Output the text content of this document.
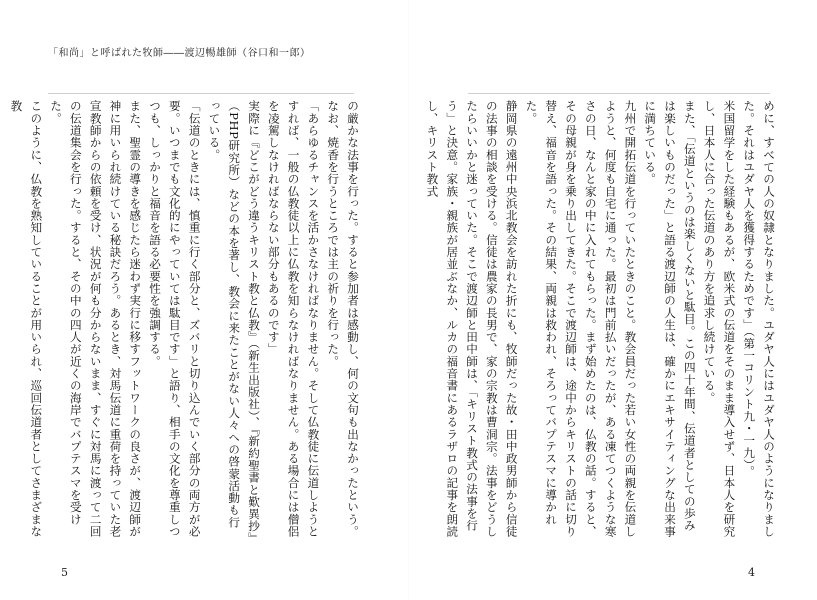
「和尚」と呼ばれた牧師――渡辺暢雄師（谷口和一郎）

の厳かな法事を行った。すると参加者は感動し、何の文句も出なかったという。なお、焼香を行うところでは主の祈りを行った。

「あらゆるチャンスを活かさなければなりません。そして仏教徒に伝道しようとすれば、一般の仏教徒以上に仏教を知らなければなりません。ある場合には僧侶を凌駕しなければならない部分もあるのです」

実際に『どこがどう違うキリスト教と仏教』（新生出版社）、『新約聖書と歎異抄』（PHP研究所）などの本を著し、教会に来たことがない人々への啓蒙活動も行っている。

「伝道のときには、慎重に行く部分と、ズバリと切り込んでいく部分の両方が必要。いつまでも文化的にやっていては駄目です」と語り、相手の文化を尊重しつつも、しっかりと福音を語る必要性を強調する。

また、聖霊の導きを感じたら迷わず実行に移すフットワークの良さが、渡辺師が神に用いられ続けている秘訣だろう。あるとき、対馬伝道に重荷を持っていた老宣教師からの依頼を受け、状況が何も分からないまま、すぐに対馬に渡って二回の伝道集会を行った。すると、その中の四人が近くの海岸でバプテスマを受けた。

このように、仏教を熟知していることが用いられ、巡回伝道者としてさまざまな教	めに、すべての人の奴隷となりました。ユダヤ人にはユダヤ人のようになりました。それはユダヤ人を獲得するためです」（第一コリント九・一九）。

米国留学をした経験もあるが、欧米式の伝道をそのまま導入せず、日本人を研究し、日本人に合った伝道のあり方を追求し続けている。

また、「伝道というのは楽しくないと駄目。この四十年間、伝道者としての歩みは楽しいものだった」と語る渡辺師の人生は、確かにエキサイティングな出来事に満ちている。

九州で開拓伝道を行っていたときのこと。教会員だった若い女性の両親を伝道しようと、何度も自宅に通った。最初は門前払いだったが、ある凍てつくような寒さの日、なんと家の中に入れてもらった。まず始めたのは、仏教の話。すると、その母親が身を乗り出してきた。そこで渡辺師は、途中からキリストの話に切り替え、福音を語った。その結果、両親は救われ、そろってバプテスマに導かれた。

静岡県の遠州中央浜北教会を訪れた折にも、牧師だった故・田中政男師から信徒の法事の相談を受ける。信徒は農家の長男で、家の宗教は曹洞宗。法事をどうしたらいいかと迷っていた。そこで渡辺師と田中師は、「キリスト教式の法事を行う」と決意。家族・親族が居並ぶなか、ルカの福音書にあるラザロの記事を朗読し、キリスト教式

5	4
